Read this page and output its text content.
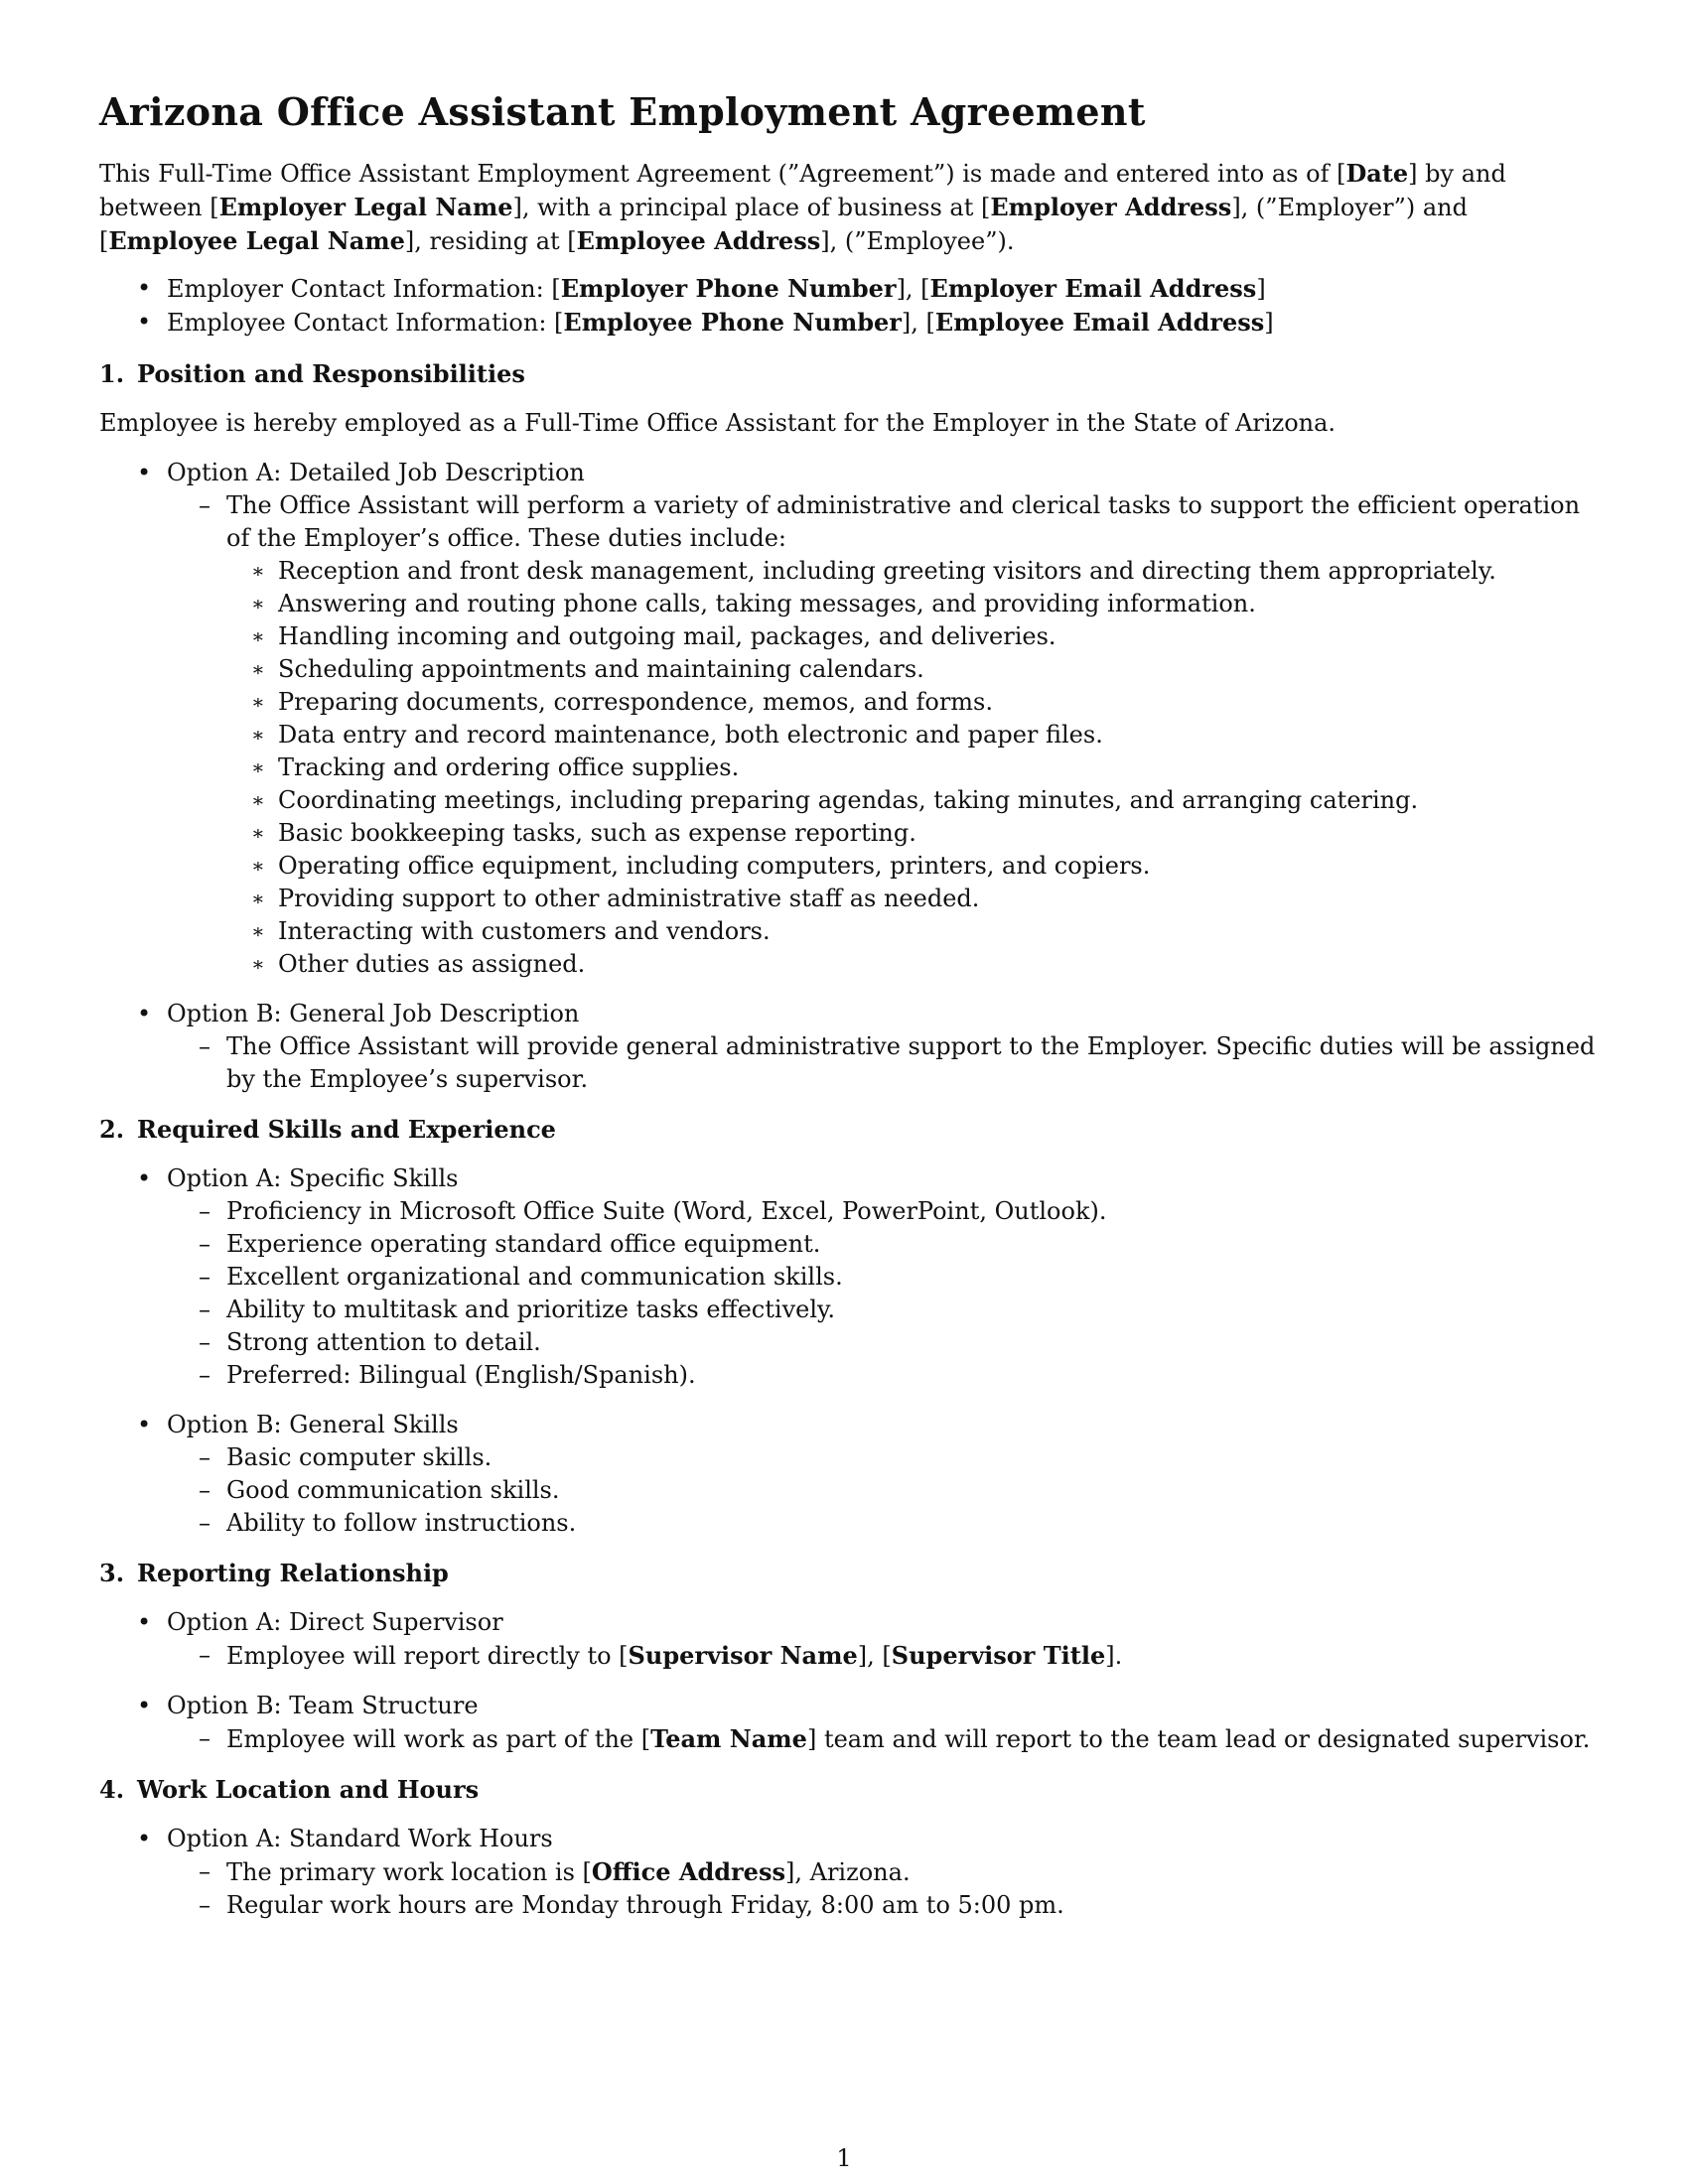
Arizona Office Assistant Employment Agreement

This Full-Time Office Assistant Employment Agreement (”Agreement”) is made and entered into as of [Date] by and between [Employer Legal Name], with a principal place of business at [Employer Address], (”Employer”) and [Employee Legal Name], residing at [Employee Address], (”Employee”).

• Employer Contact Information: [Employer Phone Number], [Employer Email Address]
• Employee Contact Information: [Employee Phone Number], [Employee Email Address]
1. Position and Responsibilities

Employee is hereby employed as a Full-Time Office Assistant for the Employer in the State of Arizona.

• Option A: Detailed Job Description
– The Office Assistant will perform a variety of administrative and clerical tasks to support the efficient operation of the Employer’s office. These duties include:
∗ Reception and front desk management, including greeting visitors and directing them appropriately.
∗ Answering and routing phone calls, taking messages, and providing information.
∗ Handling incoming and outgoing mail, packages, and deliveries.
∗ Scheduling appointments and maintaining calendars.
∗ Preparing documents, correspondence, memos, and forms.
∗ Data entry and record maintenance, both electronic and paper files.
∗ Tracking and ordering office supplies.
∗ Coordinating meetings, including preparing agendas, taking minutes, and arranging catering.
∗ Basic bookkeeping tasks, such as expense reporting.
∗ Operating office equipment, including computers, printers, and copiers.
∗ Providing support to other administrative staff as needed.
∗ Interacting with customers and vendors.
∗ Other duties as assigned.
• Option B: General Job Description
– The Office Assistant will provide general administrative support to the Employer. Specific duties will be assigned by the Employee’s supervisor.
2. Required Skills and Experience
• Option A: Specific Skills
– Proficiency in Microsoft Office Suite (Word, Excel, PowerPoint, Outlook).
– Experience operating standard office equipment.
– Excellent organizational and communication skills.
– Ability to multitask and prioritize tasks effectively.
– Strong attention to detail.
– Preferred: Bilingual (English/Spanish).
• Option B: General Skills
– Basic computer skills.
– Good communication skills.
– Ability to follow instructions.
3. Reporting Relationship
• Option A: Direct Supervisor
– Employee will report directly to [Supervisor Name], [Supervisor Title].
• Option B: Team Structure
– Employee will work as part of the [Team Name] team and will report to the team lead or designated supervisor.
4. Work Location and Hours
• Option A: Standard Work Hours
– The primary work location is [Office Address], Arizona.
– Regular work hours are Monday through Friday, 8:00 am to 5:00 pm.
1
